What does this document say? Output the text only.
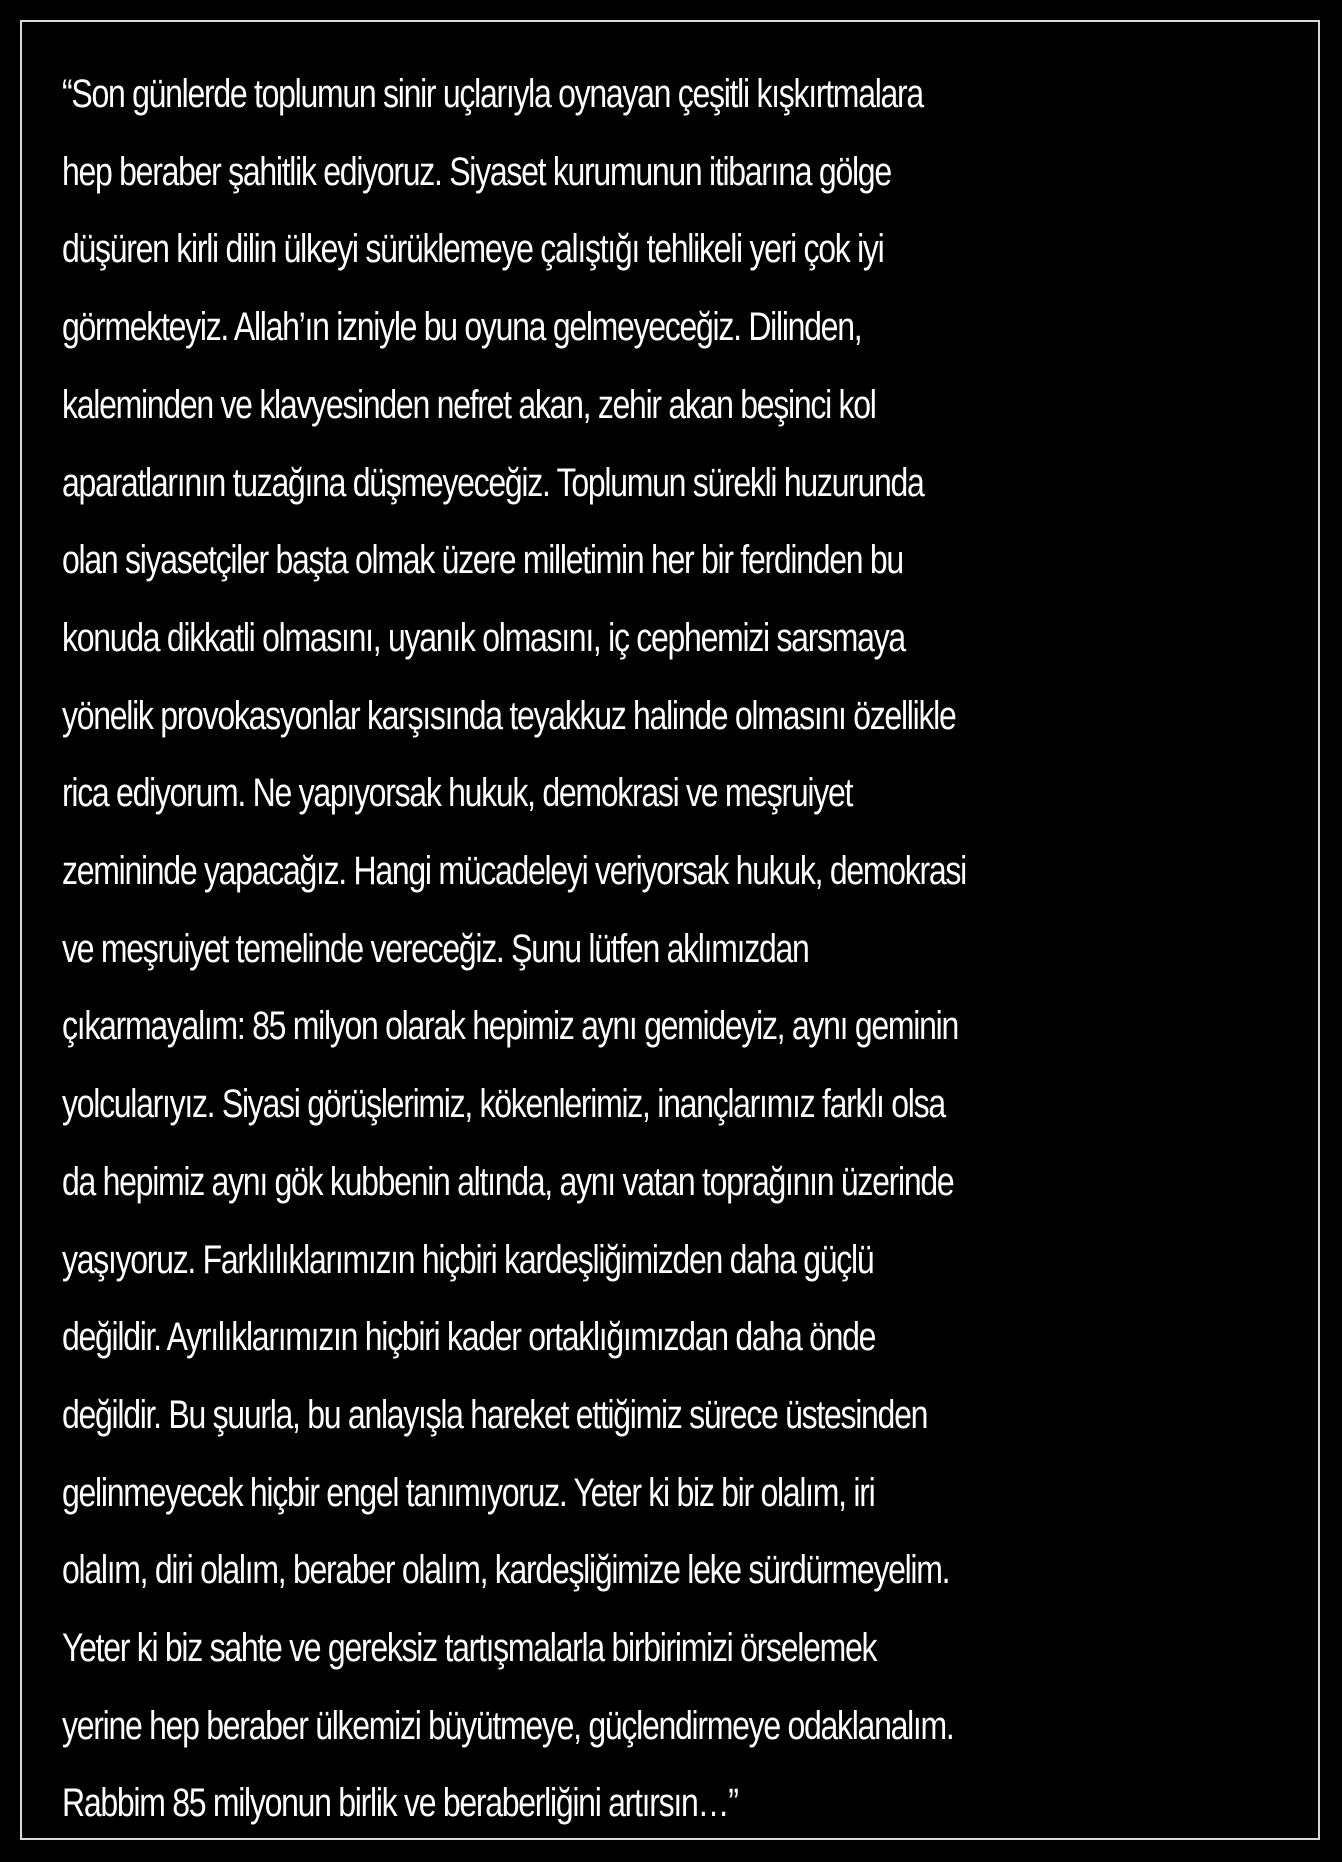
“Son günlerde toplumun sinir uçlarıyla oynayan çeşitli kışkırtmalara
hep beraber şahitlik ediyoruz. Siyaset kurumunun itibarına gölge
düşüren kirli dilin ülkeyi sürüklemeye çalıştığı tehlikeli yeri çok iyi
görmekteyiz. Allah’ın izniyle bu oyuna gelmeyeceğiz. Dilinden,
kaleminden ve klavyesinden nefret akan, zehir akan beşinci kol
aparatlarının tuzağına düşmeyeceğiz. Toplumun sürekli huzurunda
olan siyasetçiler başta olmak üzere milletimin her bir ferdinden bu
konuda dikkatli olmasını, uyanık olmasını, iç cephemizi sarsmaya
yönelik provokasyonlar karşısında teyakkuz halinde olmasını özellikle
rica ediyorum. Ne yapıyorsak hukuk, demokrasi ve meşruiyet
zemininde yapacağız. Hangi mücadeleyi veriyorsak hukuk, demokrasi
ve meşruiyet temelinde vereceğiz. Şunu lütfen aklımızdan
çıkarmayalım: 85 milyon olarak hepimiz aynı gemideyiz, aynı geminin
yolcularıyız. Siyasi görüşlerimiz, kökenlerimiz, inançlarımız farklı olsa
da hepimiz aynı gök kubbenin altında, aynı vatan toprağının üzerinde
yaşıyoruz. Farklılıklarımızın hiçbiri kardeşliğimizden daha güçlü
değildir. Ayrılıklarımızın hiçbiri kader ortaklığımızdan daha önde
değildir. Bu şuurla, bu anlayışla hareket ettiğimiz sürece üstesinden
gelinmeyecek hiçbir engel tanımıyoruz. Yeter ki biz bir olalım, iri
olalım, diri olalım, beraber olalım, kardeşliğimize leke sürdürmeyelim.
Yeter ki biz sahte ve gereksiz tartışmalarla birbirimizi örselemek
yerine hep beraber ülkemizi büyütmeye, güçlendirmeye odaklanalım.
Rabbim 85 milyonun birlik ve beraberliğini artırsın…”
